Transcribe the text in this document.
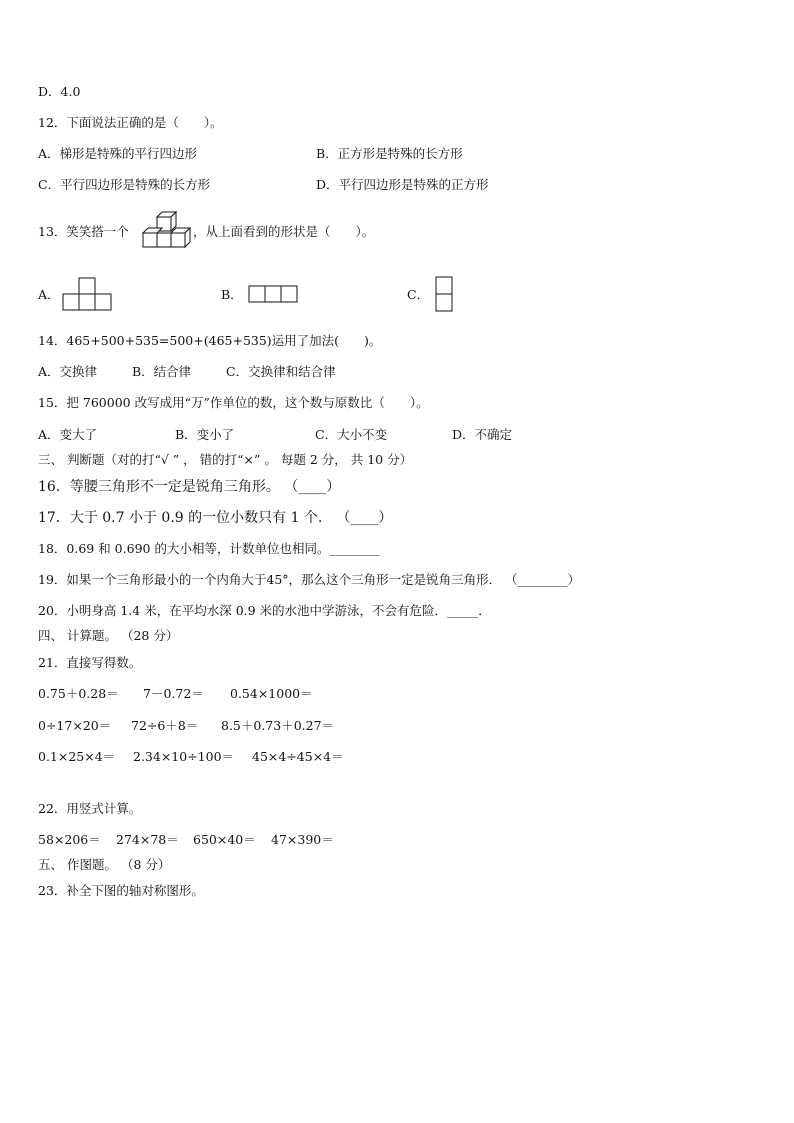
D．4.0
12．下面说法正确的是（　　）。
A．梯形是特殊的平行四边形	B．正方形是特殊的长方形
C．平行四边形是特殊的长方形	D．平行四边形是特殊的正方形
13．笑笑搭一个	，从上面看到的形状是（　　）。
A．	B．	C．
14．465+500+535=500+(465+535)运用了加法(　　)。
A．交换律	B．结合律	C．交换律和结合律
15．把 760000 改写成用“万”作单位的数，这个数与原数比（　　）。
A．变大了	B．变小了	C．大小不变	D．不确定
三、 判断题（对的打“√ ” ， 错的打“×” 。 每题 2 分， 共 10 分）
16．等腰三角形不一定是锐角三角形。 （____）
17．大于 0.7 小于 0.9 的一位小数只有 1 个． （____）
18．0.69 和 0.690 的大小相等，计数单位也相同。________
19．如果一个三角形最小的一个内角大于45°，那么这个三角形一定是锐角三角形． （________）
20．小明身高 1.4 米，在平均水深 0.9 米的水池中学游泳，不会有危险．_____．
四、 计算题。 （28 分）
21．直接写得数。
0.75＋0.28＝ 7－0.72＝ 0.54×1000＝
0÷17×20＝ 72÷6＋8＝ 8.5＋0.73＋0.27＝
0.1×25×4＝ 2.34×10÷100＝ 45×4÷45×4＝
22．用竖式计算。
58×206＝ 274×78＝ 650×40＝ 47×390＝
五、 作图题。 （8 分）
23．补全下图的轴对称图形。
